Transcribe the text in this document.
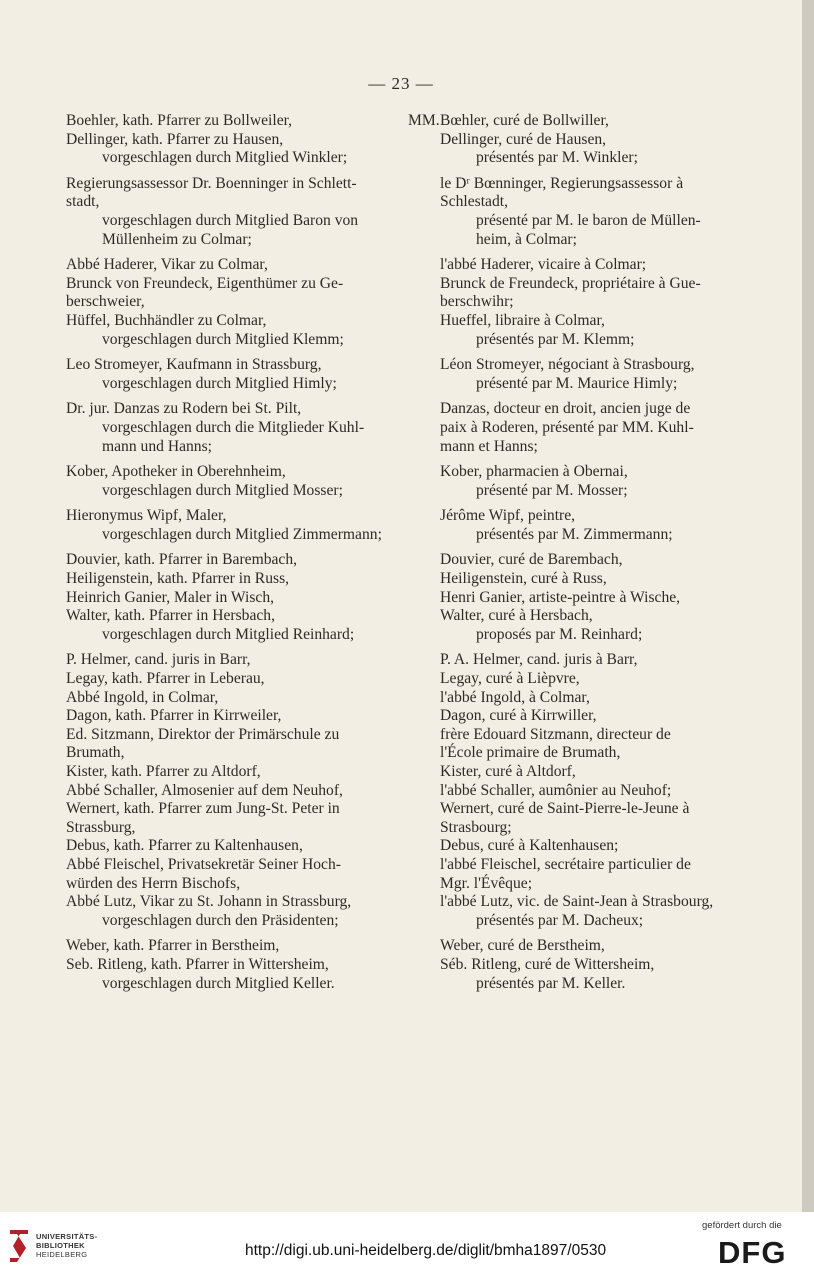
— 23 —
Boehler, kath. Pfarrer zu Bollweiler,
Dellinger, kath. Pfarrer zu Hausen,
vorgeschlagen durch Mitglied Winkler;
Regierungsassessor Dr. Boenninger in Schlett-
stadt,
vorgeschlagen durch Mitglied Baron von
Müllenheim zu Colmar;
Abbé Haderer, Vikar zu Colmar,
Brunck von Freundeck, Eigenthümer zu Ge-
berschweier,
Hüffel, Buchhändler zu Colmar,
vorgeschlagen durch Mitglied Klemm;
Leo Stromeyer, Kaufmann in Strassburg,
vorgeschlagen durch Mitglied Himly;
Dr. jur. Danzas zu Rodern bei St. Pilt,
vorgeschlagen durch die Mitglieder Kuhl-
mann und Hanns;
Kober, Apotheker in Oberehnheim,
vorgeschlagen durch Mitglied Mosser;
Hieronymus Wipf, Maler,
vorgeschlagen durch Mitglied Zimmermann;
Douvier, kath. Pfarrer in Barembach,
Heiligenstein, kath. Pfarrer in Russ,
Heinrich Ganier, Maler in Wisch,
Walter, kath. Pfarrer in Hersbach,
vorgeschlagen durch Mitglied Reinhard;
P. Helmer, cand. juris in Barr,
Legay, kath. Pfarrer in Leberau,
Abbé Ingold, in Colmar,
Dagon, kath. Pfarrer in Kirrweiler,
Ed. Sitzmann, Direktor der Primärschule zu
Brumath,
Kister, kath. Pfarrer zu Altdorf,
Abbé Schaller, Almosenier auf dem Neuhof,
Wernert, kath. Pfarrer zum Jung-St. Peter in
Strassburg,
Debus, kath. Pfarrer zu Kaltenhausen,
Abbé Fleischel, Privatsekretär Seiner Hoch-
würden des Herrn Bischofs,
Abbé Lutz, Vikar zu St. Johann in Strassburg,
vorgeschlagen durch den Präsidenten;
Weber, kath. Pfarrer in Berstheim,
Seb. Ritleng, kath. Pfarrer in Wittersheim,
vorgeschlagen durch Mitglied Keller.
MM. Bœhler, curé de Bollwiller,
Dellinger, curé de Hausen,
présentés par M. Winkler;
le Dʳ Bœnninger, Regierungsassessor à
Schlestadt,
présenté par M. le baron de Müllen-
heim, à Colmar;
l'abbé Haderer, vicaire à Colmar;
Brunck de Freundeck, propriétaire à Gue-
berschwihr;
Hueffel, libraire à Colmar,
présentés par M. Klemm;
Léon Stromeyer, négociant à Strasbourg,
présenté par M. Maurice Himly;
Danzas, docteur en droit, ancien juge de
paix à Roderen, présenté par MM. Kuhl-
mann et Hanns;
Kober, pharmacien à Obernai,
présenté par M. Mosser;
Jérôme Wipf, peintre,
présentés par M. Zimmermann;
Douvier, curé de Barembach,
Heiligenstein, curé à Russ,
Henri Ganier, artiste-peintre à Wische,
Walter, curé à Hersbach,
proposés par M. Reinhard;
P. A. Helmer, cand. juris à Barr,
Legay, curé à Lièpvre,
l'abbé Ingold, à Colmar,
Dagon, curé à Kirrwiller,
frère Edouard Sitzmann, directeur de
l'École primaire de Brumath,
Kister, curé à Altdorf,
l'abbé Schaller, aumônier au Neuhof;
Wernert, curé de Saint-Pierre-le-Jeune à
Strasbourg;
Debus, curé à Kaltenhausen;
l'abbé Fleischel, secrétaire particulier de
Mgr. l'Évêque;
l'abbé Lutz, vic. de Saint-Jean à Strasbourg,
présentés par M. Dacheux;
Weber, curé de Berstheim,
Séb. Ritleng, curé de Wittersheim,
présentés par M. Keller.
UNIVERSITÄTS-
BIBLIOTHEK
HEIDELBERG	http://digi.ub.uni-heidelberg.de/diglit/bmha1897/0530
gefördert durch die
DFG
